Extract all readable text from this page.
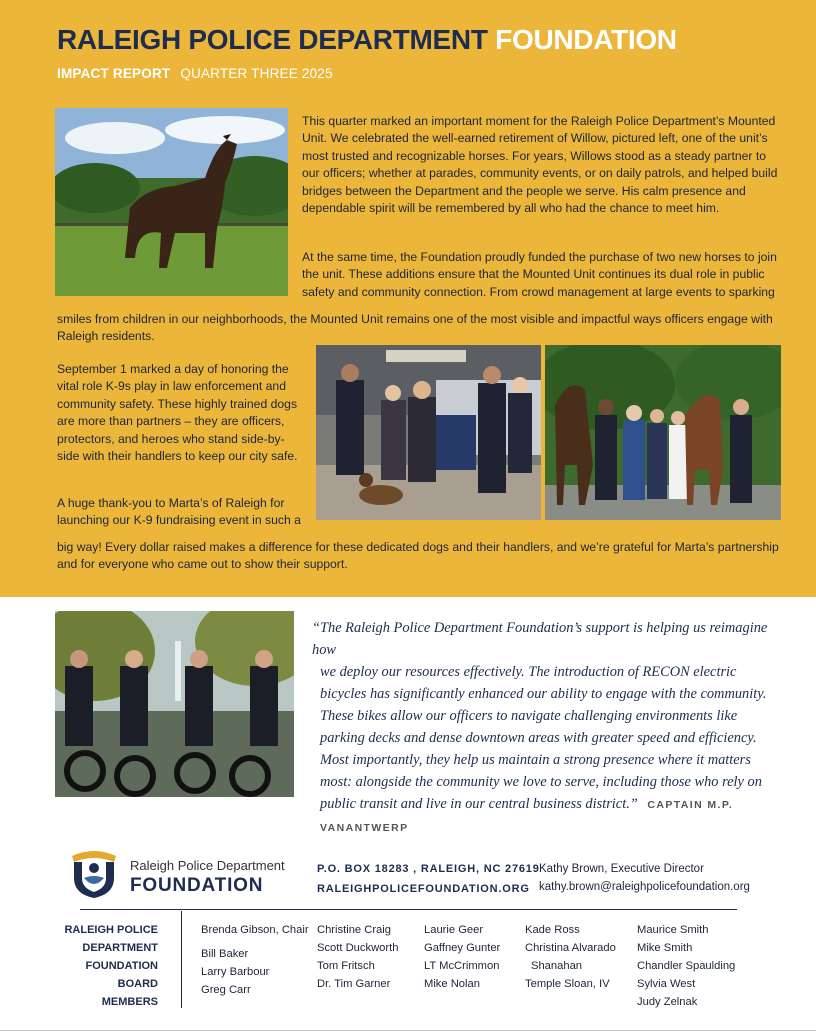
RALEIGH POLICE DEPARTMENT FOUNDATION
IMPACT REPORT QUARTER THREE 2025

This quarter marked an important moment for the Raleigh Police Department’s Mounted Unit. We celebrated the well-earned retirement of Willow, pictured left, one of the unit’s most trusted and recognizable horses. For years, Willows stood as a steady partner to our officers; whether at parades, community events, or on daily patrols, and helped build bridges between the Department and the people we serve. His calm presence and dependable spirit will be remembered by all who had the chance to meet him.

At the same time, the Foundation proudly funded the purchase of two new horses to join the unit. These additions ensure that the Mounted Unit continues its dual role in public safety and community connection. From crowd management at large events to sparking

smiles from children in our neighborhoods, the Mounted Unit remains one of the most visible and impactful ways officers engage with Raleigh residents.

September 1 marked a day of honoring the vital role K-9s play in law enforcement and community safety. These highly trained dogs are more than partners – they are officers, protectors, and heroes who stand side-by-side with their handlers to keep our city safe.

A huge thank-you to Marta’s of Raleigh for launching our K-9 fundraising event in such a

big way! Every dollar raised makes a difference for these dedicated dogs and their handlers, and we’re grateful for Marta’s partnership and for everyone who came out to show their support.

“The Raleigh Police Department Foundation’s support is helping us reimagine how
we deploy our resources effectively. The introduction of RECON electric bicycles has significantly enhanced our ability to engage with the community. These bikes allow our officers to navigate challenging environments like parking decks and dense downtown areas with greater speed and efficiency. Most importantly, they help us maintain a strong presence where it matters most: alongside the community we love to serve, including those who rely on public transit and live in our central business district.” CAPTAIN M.P. VANANTWERP
Raleigh Police Department
FOUNDATION
P.O. BOX 18283 , RALEIGH, NC 27619
RALEIGHPOLICEFOUNDATION.ORG
Kathy Brown, Executive Director
kathy.brown@raleighpolicefoundation.org
RALEIGH POLICE
DEPARTMENT
FOUNDATION
BOARD MEMBERS
Brenda Gibson, Chair
Bill Baker
Larry Barbour
Greg Carr
Christine Craig
Scott Duckworth
Tom Fritsch
Dr. Tim Garner
Laurie Geer
Gaffney Gunter
LT McCrimmon
Mike Nolan
Kade Ross
Christina Alvarado
Shanahan
Temple Sloan, IV
Maurice Smith
Mike Smith
Chandler Spaulding
Sylvia West
Judy Zelnak
